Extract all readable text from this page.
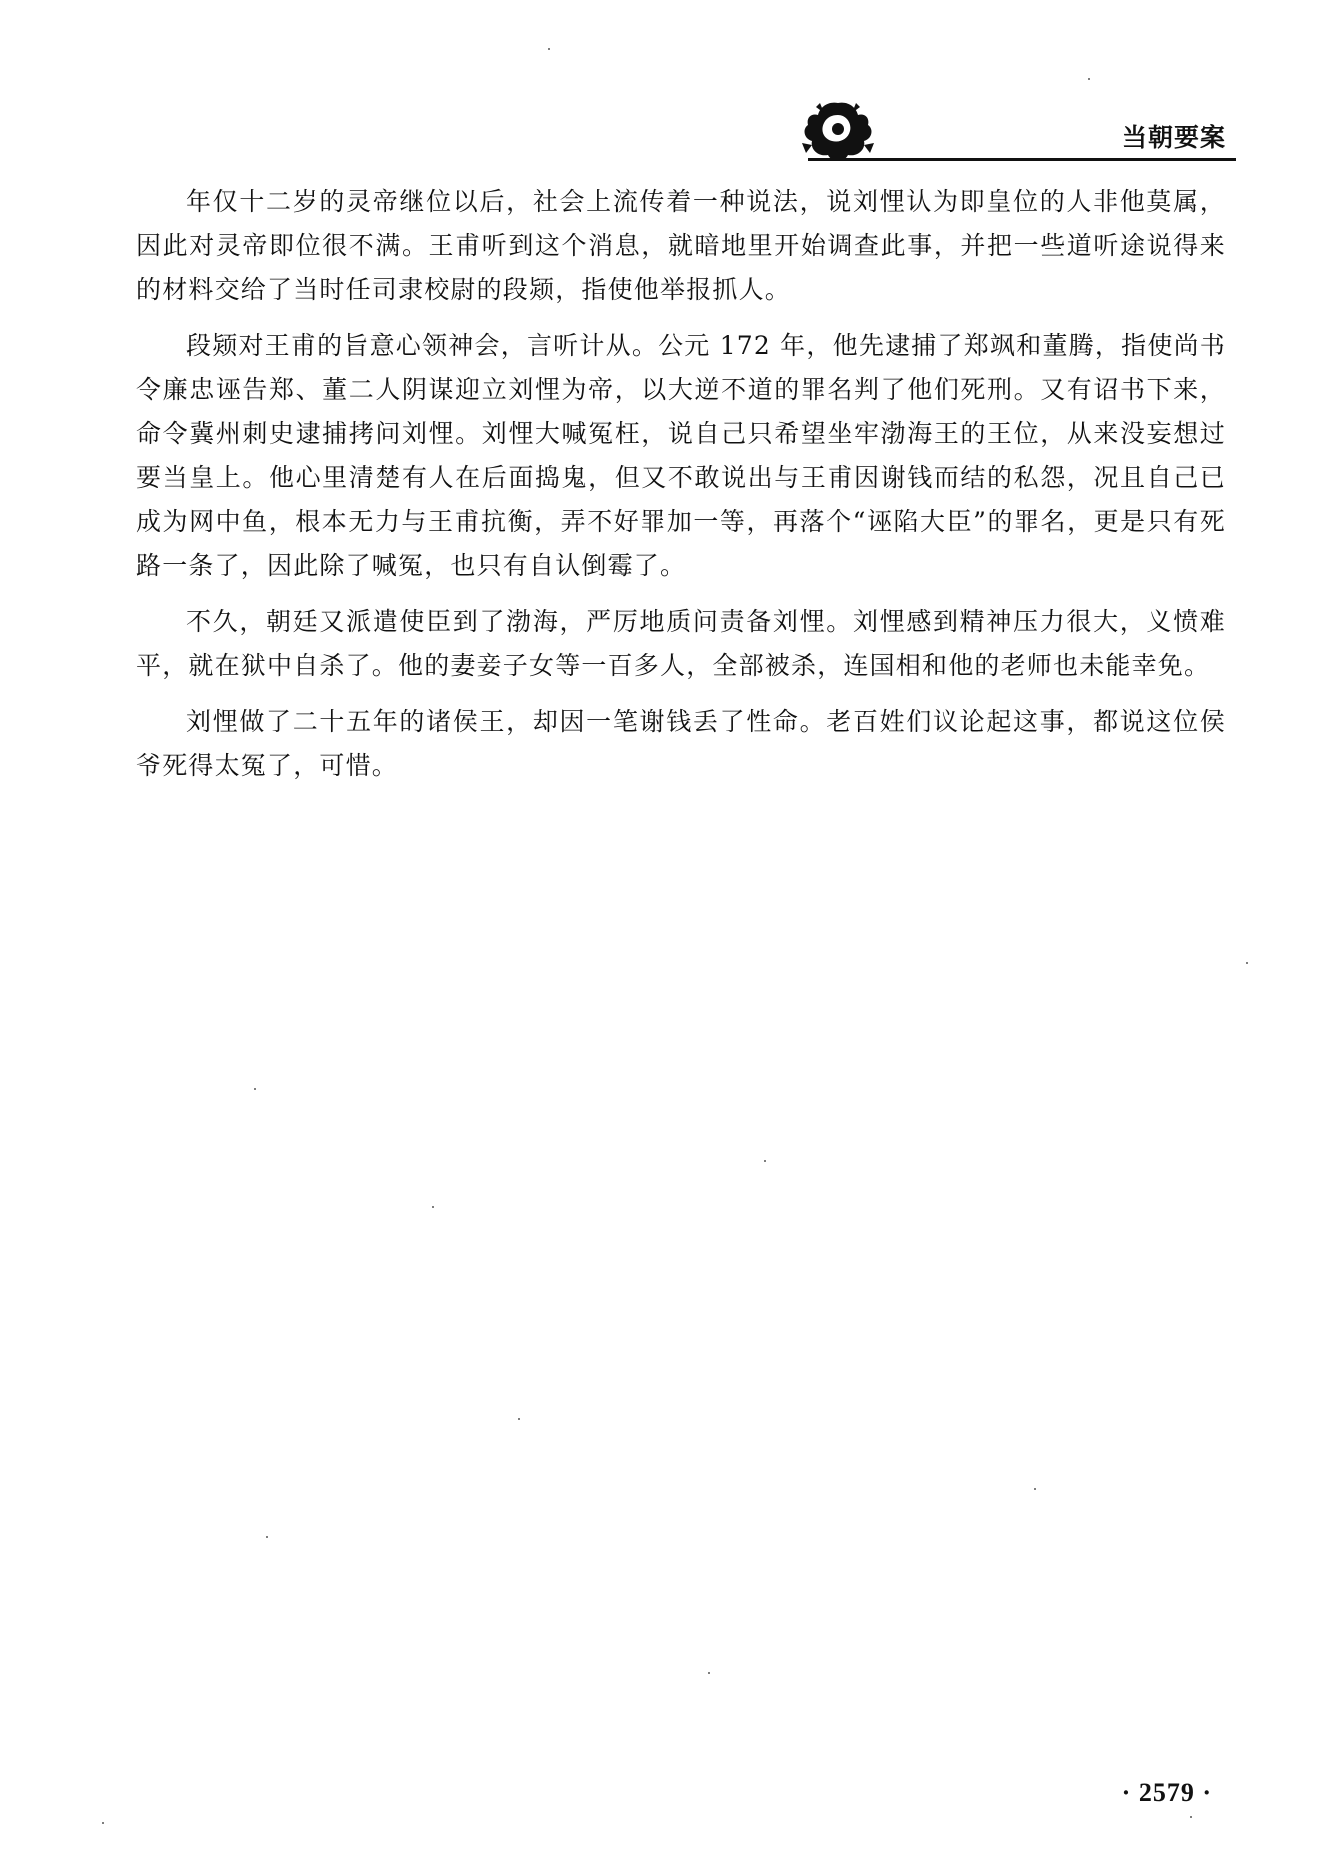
当朝要案

年仅十二岁的灵帝继位以后，社会上流传着一种说法，说刘悝认为即皇位的人非他莫属，因此对灵帝即位很不满。王甫听到这个消息，就暗地里开始调查此事，并把一些道听途说得来的材料交给了当时任司隶校尉的段颎，指使他举报抓人。

段颎对王甫的旨意心领神会，言听计从。公元 172 年，他先逮捕了郑飒和董腾，指使尚书令廉忠诬告郑、董二人阴谋迎立刘悝为帝，以大逆不道的罪名判了他们死刑。又有诏书下来，命令冀州刺史逮捕拷问刘悝。刘悝大喊冤枉，说自己只希望坐牢渤海王的王位，从来没妄想过要当皇上。他心里清楚有人在后面捣鬼，但又不敢说出与王甫因谢钱而结的私怨，况且自己已成为网中鱼，根本无力与王甫抗衡，弄不好罪加一等，再落个“诬陷大臣”的罪名，更是只有死路一条了，因此除了喊冤，也只有自认倒霉了。

不久，朝廷又派遣使臣到了渤海，严厉地质问责备刘悝。刘悝感到精神压力很大，义愤难平，就在狱中自杀了。他的妻妾子女等一百多人，全部被杀，连国相和他的老师也未能幸免。

刘悝做了二十五年的诸侯王，却因一笔谢钱丢了性命。老百姓们议论起这事，都说这位侯爷死得太冤了，可惜。

· 2579 ·
